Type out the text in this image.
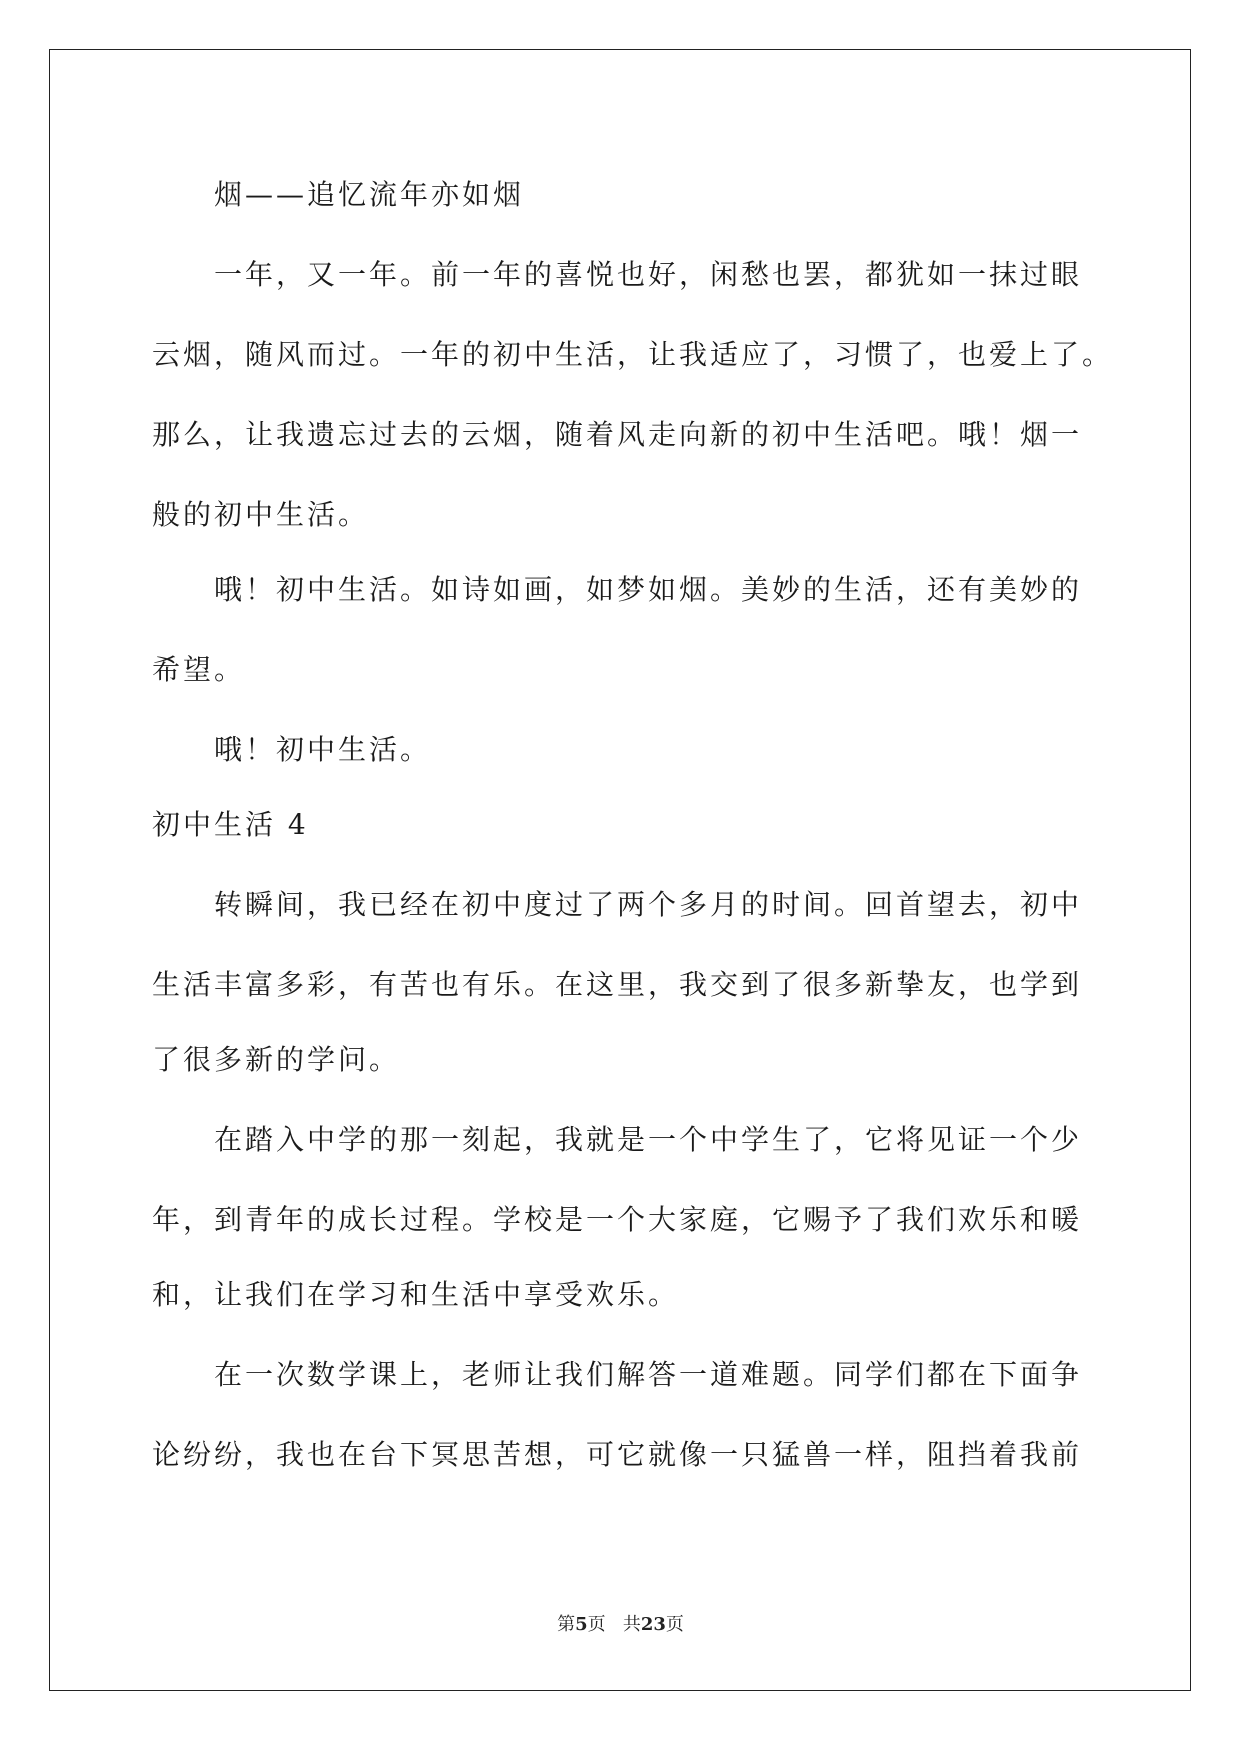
烟——追忆流年亦如烟
一年，又一年。前一年的喜悦也好，闲愁也罢，都犹如一抹过眼
云烟，随风而过。一年的初中生活，让我适应了，习惯了，也爱上了。
那么，让我遗忘过去的云烟，随着风走向新的初中生活吧。哦！烟一
般的初中生活。
哦！初中生活。如诗如画，如梦如烟。美妙的生活，还有美妙的
希望。
哦！初中生活。
初中生活 4
转瞬间，我已经在初中度过了两个多月的时间。回首望去，初中
生活丰富多彩，有苦也有乐。在这里，我交到了很多新挚友，也学到
了很多新的学问。
在踏入中学的那一刻起，我就是一个中学生了，它将见证一个少
年，到青年的成长过程。学校是一个大家庭，它赐予了我们欢乐和暖
和，让我们在学习和生活中享受欢乐。
在一次数学课上，老师让我们解答一道难题。同学们都在下面争
论纷纷，我也在台下冥思苦想，可它就像一只猛兽一样，阻挡着我前
第5页 共23页
